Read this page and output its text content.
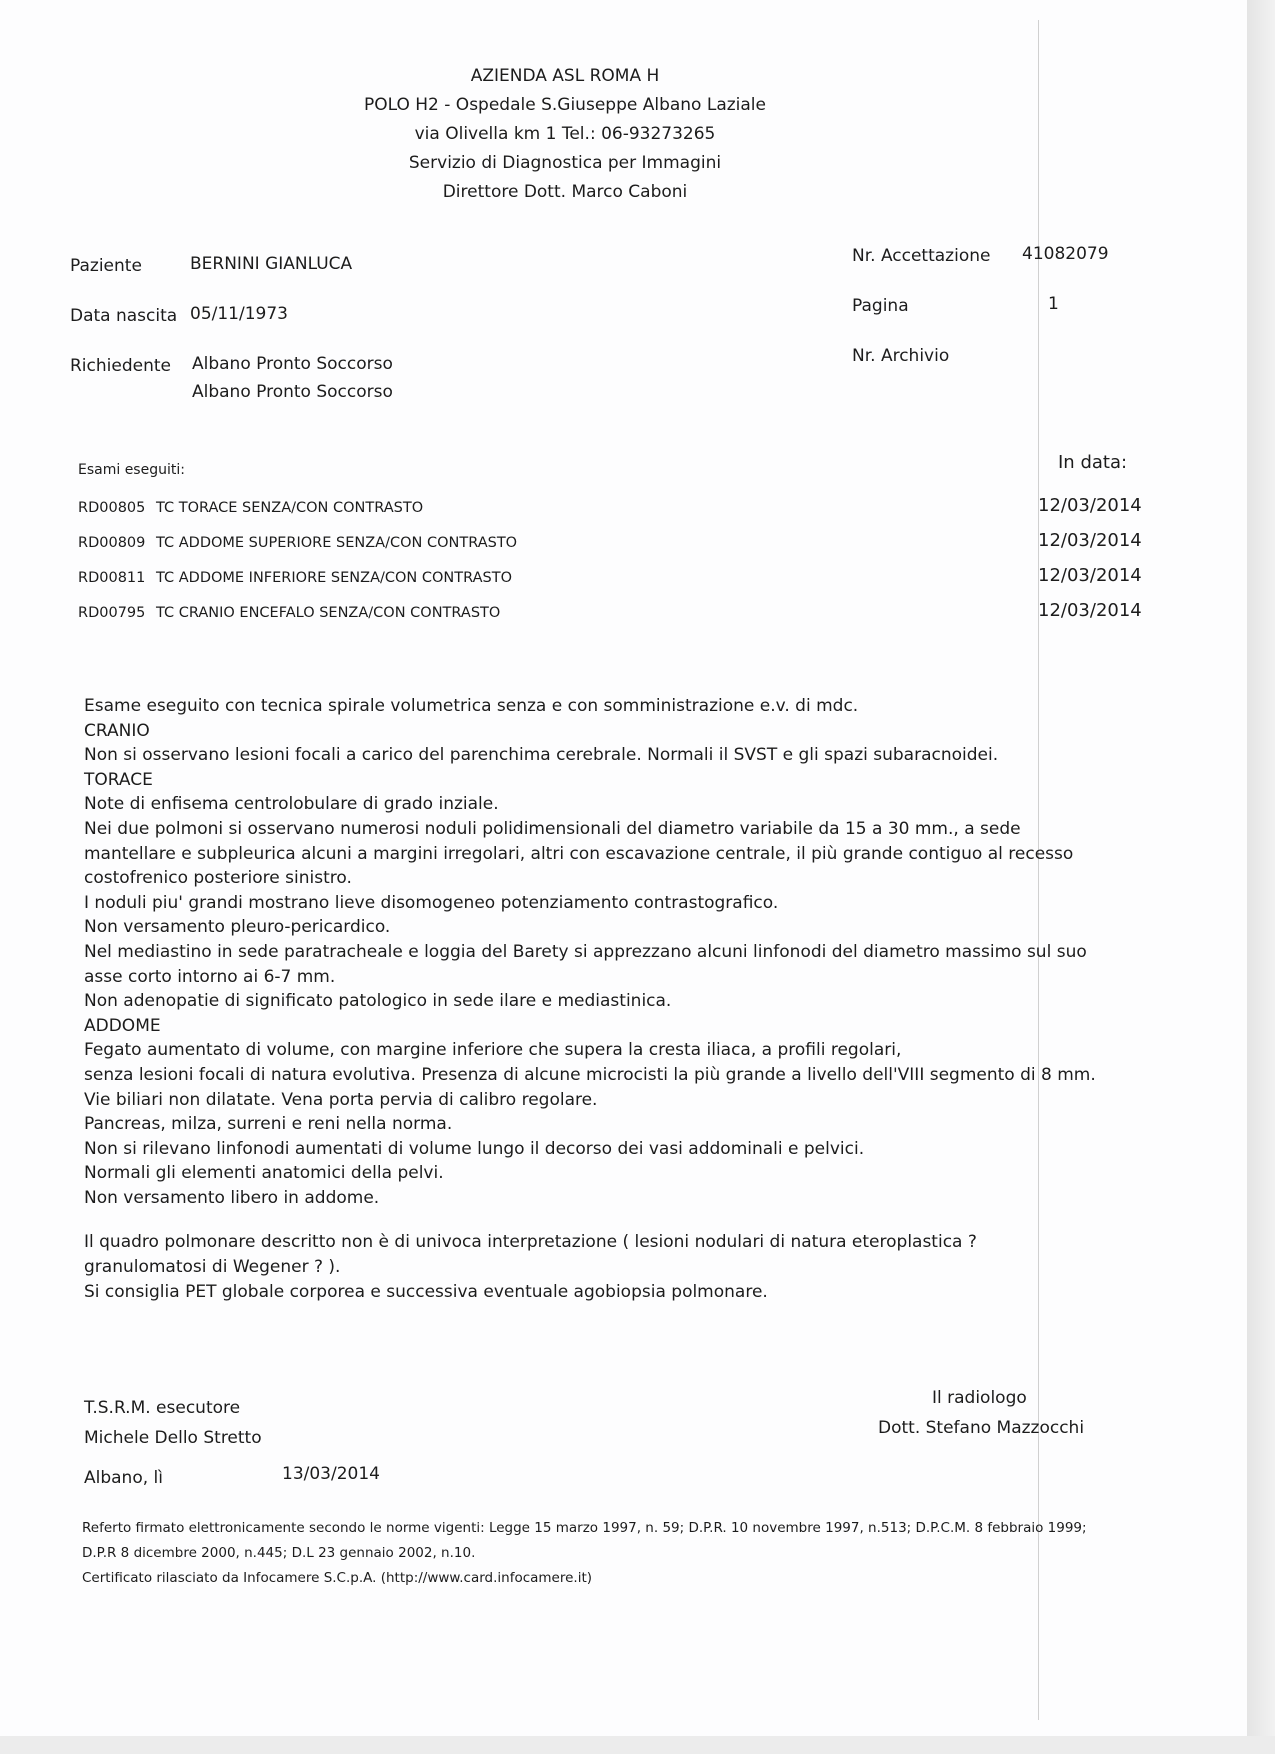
AZIENDA ASL ROMA H
POLO H2 - Ospedale S.Giuseppe Albano Laziale
via Olivella km 1 Tel.: 06-93273265
Servizio di Diagnostica per Immagini
Direttore Dott. Marco Caboni
Paziente	BERNINI GIANLUCA
Data nascita 05/11/1973
Richiedente Albano Pronto Soccorso
Albano Pronto Soccorso
Nr. Accettazione 41082079
Pagina	1
Nr. Archivio
Esami eseguiti:	In data:
RD00805 TC TORACE SENZA/CON CONTRASTO	12/03/2014
RD00809 TC ADDOME SUPERIORE SENZA/CON CONTRASTO	12/03/2014
RD00811 TC ADDOME INFERIORE SENZA/CON CONTRASTO	12/03/2014
RD00795 TC CRANIO ENCEFALO SENZA/CON CONTRASTO	12/03/2014
Esame eseguito con tecnica spirale volumetrica senza e con somministrazione e.v. di mdc.
CRANIO
Non si osservano lesioni focali a carico del parenchima cerebrale. Normali il SVST e gli spazi subaracnoidei.
TORACE
Note di enfisema centrolobulare di grado inziale.
Nei due polmoni si osservano numerosi noduli polidimensionali del diametro variabile da 15 a 30 mm., a sede mantellare e subpleurica alcuni a margini irregolari, altri con escavazione centrale, il più grande contiguo al recesso costofrenico posteriore sinistro.
I noduli piu' grandi mostrano lieve disomogeneo potenziamento contrastografico.
Non versamento pleuro-pericardico.
Nel mediastino in sede paratracheale e loggia del Barety si apprezzano alcuni linfonodi del diametro massimo sul suo asse corto intorno ai 6-7 mm.
Non adenopatie di significato patologico in sede ilare e mediastinica.
ADDOME
Fegato aumentato di volume, con margine inferiore che supera la cresta iliaca, a profili regolari,
senza lesioni focali di natura evolutiva. Presenza di alcune microcisti la più grande a livello dell'VIII segmento di 8 mm.
Vie biliari non dilatate. Vena porta pervia di calibro regolare.
Pancreas, milza, surreni e reni nella norma.
Non si rilevano linfonodi aumentati di volume lungo il decorso dei vasi addominali e pelvici.
Normali gli elementi anatomici della pelvi.
Non versamento libero in addome.
Il quadro polmonare descritto non è di univoca interpretazione ( lesioni nodulari di natura eteroplastica ? granulomatosi di Wegener ? ).
Si consiglia PET globale corporea e successiva eventuale agobiopsia polmonare.
T.S.R.M. esecutore
Michele Dello Stretto
Albano, lì	13/03/2014
Il radiologo
Dott. Stefano Mazzocchi
Referto firmato elettronicamente secondo le norme vigenti: Legge 15 marzo 1997, n. 59; D.P.R. 10 novembre 1997, n.513; D.P.C.M. 8 febbraio 1999;
D.P.R 8 dicembre 2000, n.445; D.L 23 gennaio 2002, n.10.
Certificato rilasciato da Infocamere S.C.p.A. (http://www.card.infocamere.it)
